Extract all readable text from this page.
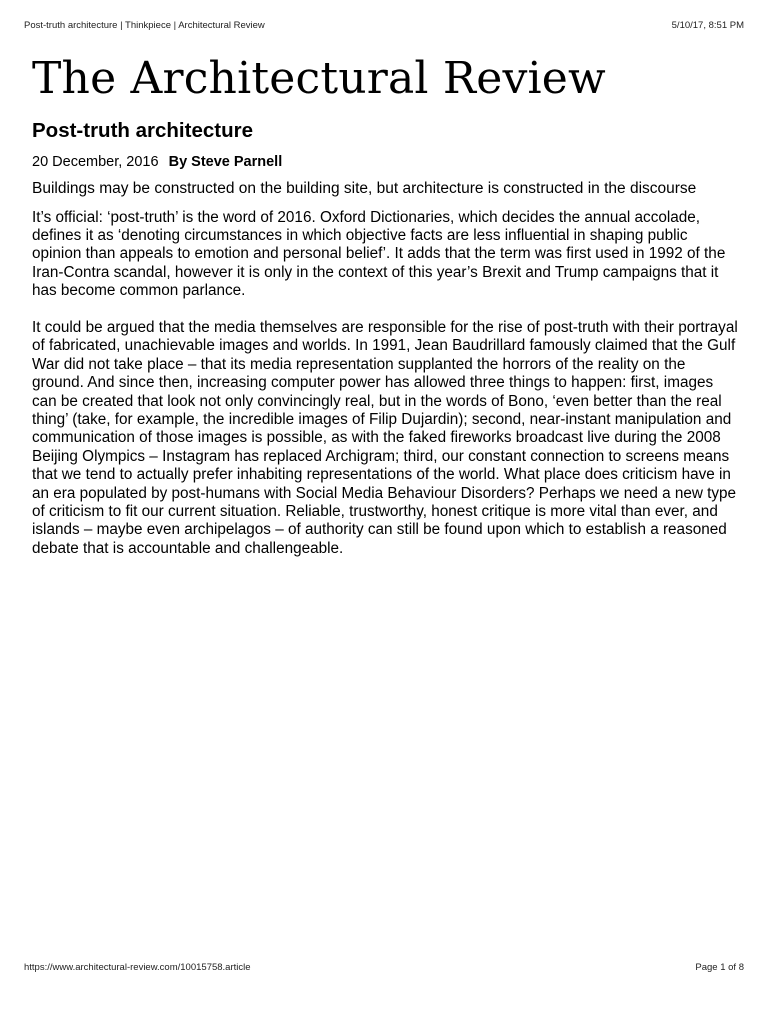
Post-truth architecture | Thinkpiece | Architectural Review	5/10/17, 8:51 PM
The Architectural Review
Post-truth architecture
20 December, 2016 By Steve Parnell

Buildings may be constructed on the building site, but architecture is constructed in the discourse

It’s official: ‘post-truth’ is the word of 2016. Oxford Dictionaries, which decides the annual accolade, defines it as ‘denoting circumstances in which objective facts are less influential in shaping public opinion than appeals to emotion and personal belief’. It adds that the term was first used in 1992 of the Iran-Contra scandal, however it is only in the context of this year’s Brexit and Trump campaigns that it has become common parlance.

It could be argued that the media themselves are responsible for the rise of post-truth with their portrayal of fabricated, unachievable images and worlds. In 1991, Jean Baudrillard famously claimed that the Gulf War did not take place – that its media representation supplanted the horrors of the reality on the ground. And since then, increasing computer power has allowed three things to happen: first, images can be created that look not only convincingly real, but in the words of Bono, ‘even better than the real thing’ (take, for example, the incredible images of Filip Dujardin); second, near-instant manipulation and communication of those images is possible, as with the faked fireworks broadcast live during the 2008 Beijing Olympics – Instagram has replaced Archigram; third, our constant connection to screens means that we tend to actually prefer inhabiting representations of the world. What place does criticism have in an era populated by post-humans with Social Media Behaviour Disorders? Perhaps we need a new type of criticism to fit our current situation. Reliable, trustworthy, honest critique is more vital than ever, and islands – maybe even archipelagos – of authority can still be found upon which to establish a reasoned debate that is accountable and challengeable.

https://www.architectural-review.com/10015758.article	Page 1 of 8
